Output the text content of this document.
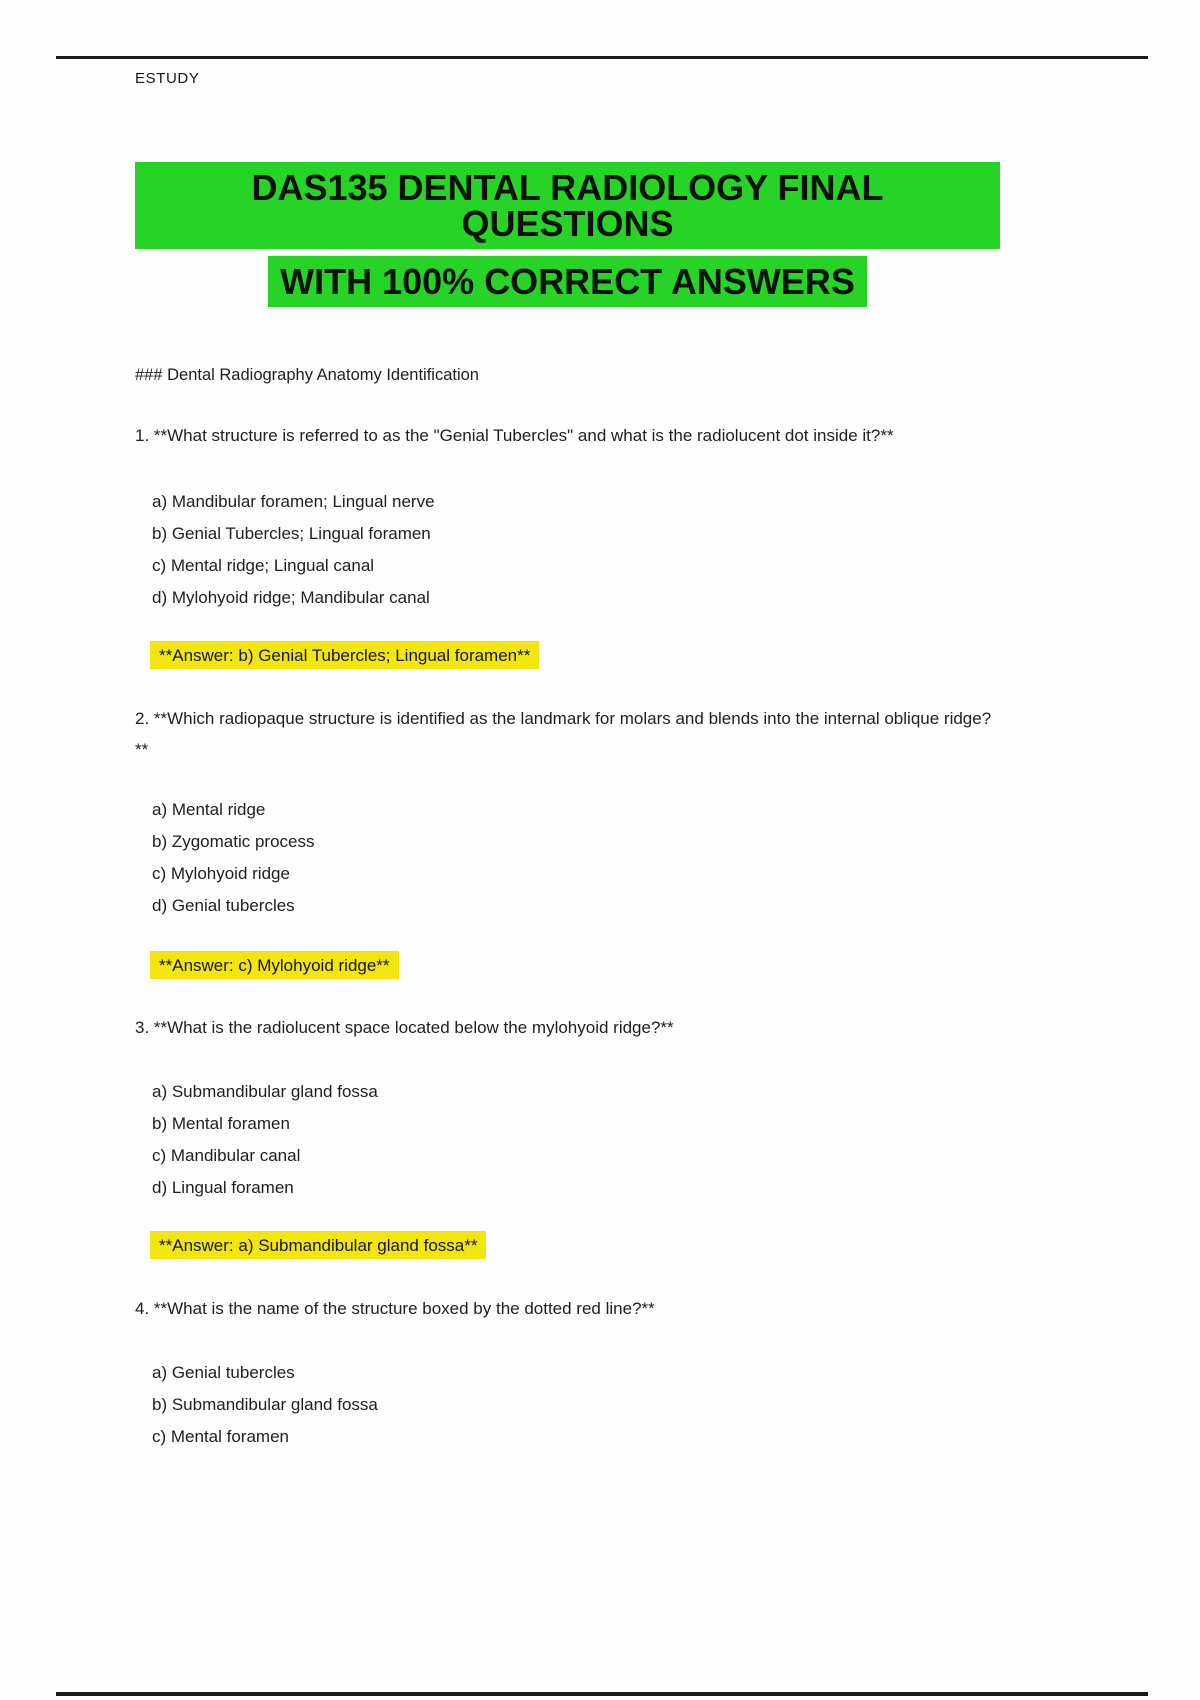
ESTUDY
DAS135 DENTAL RADIOLOGY FINAL QUESTIONS
WITH 100% CORRECT ANSWERS
### Dental Radiography Anatomy Identification
1. **What structure is referred to as the "Genial Tubercles" and what is the radiolucent dot inside it?**
a) Mandibular foramen; Lingual nerve
b) Genial Tubercles; Lingual foramen
c) Mental ridge; Lingual canal
d) Mylohyoid ridge; Mandibular canal
**Answer: b) Genial Tubercles; Lingual foramen**
2. **Which radiopaque structure is identified as the landmark for molars and blends into the internal oblique ridge?**
a) Mental ridge
b) Zygomatic process
c) Mylohyoid ridge
d) Genial tubercles
**Answer: c) Mylohyoid ridge**
3. **What is the radiolucent space located below the mylohyoid ridge?**
a) Submandibular gland fossa
b) Mental foramen
c) Mandibular canal
d) Lingual foramen
**Answer: a) Submandibular gland fossa**
4. **What is the name of the structure boxed by the dotted red line?**
a) Genial tubercles
b) Submandibular gland fossa
c) Mental foramen
